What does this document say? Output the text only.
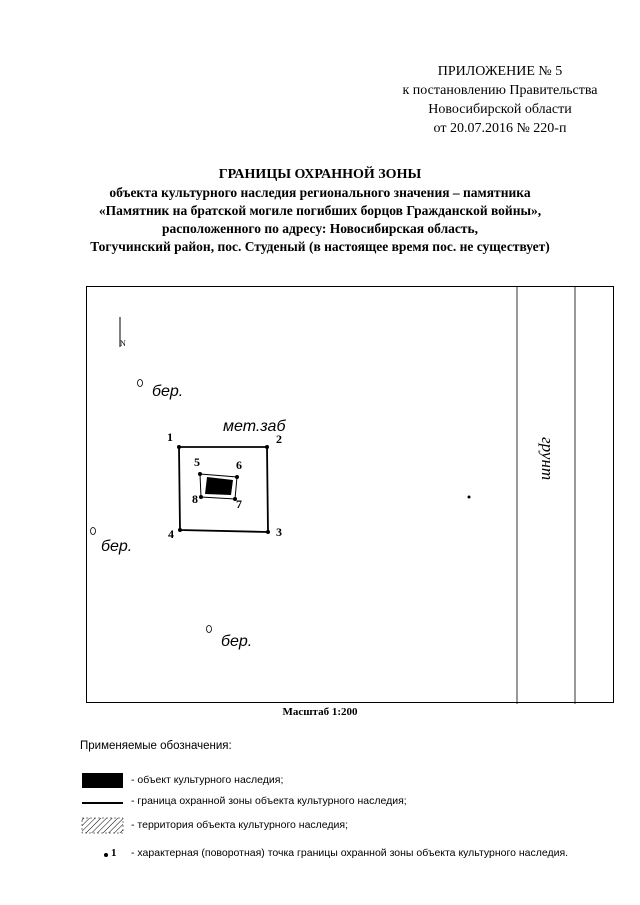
ПРИЛОЖЕНИЕ № 5
к постановлению Правительства
Новосибирской области
от 20.07.2016 № 220-п
ГРАНИЦЫ ОХРАННОЙ ЗОНЫ
объекта культурного наследия регионального значения – памятника
«Памятник на братской могиле погибших борцов Гражданской войны»,
расположенного по адресу: Новосибирская область,
Тогучинский район, пос. Студеный (в настоящее время пос. не существует)
N
мет.заб
бер.
бер.
бер.
грунт
1	2
3
4
5	6
7
8
Масштаб 1:200
Применяемые обозначения:
- объект культурного наследия;
- граница охранной зоны объекта культурного наследия;
- территория объекта культурного наследия;
1 - характерная (поворотная) точка границы охранной зоны объекта культурного наследия.
